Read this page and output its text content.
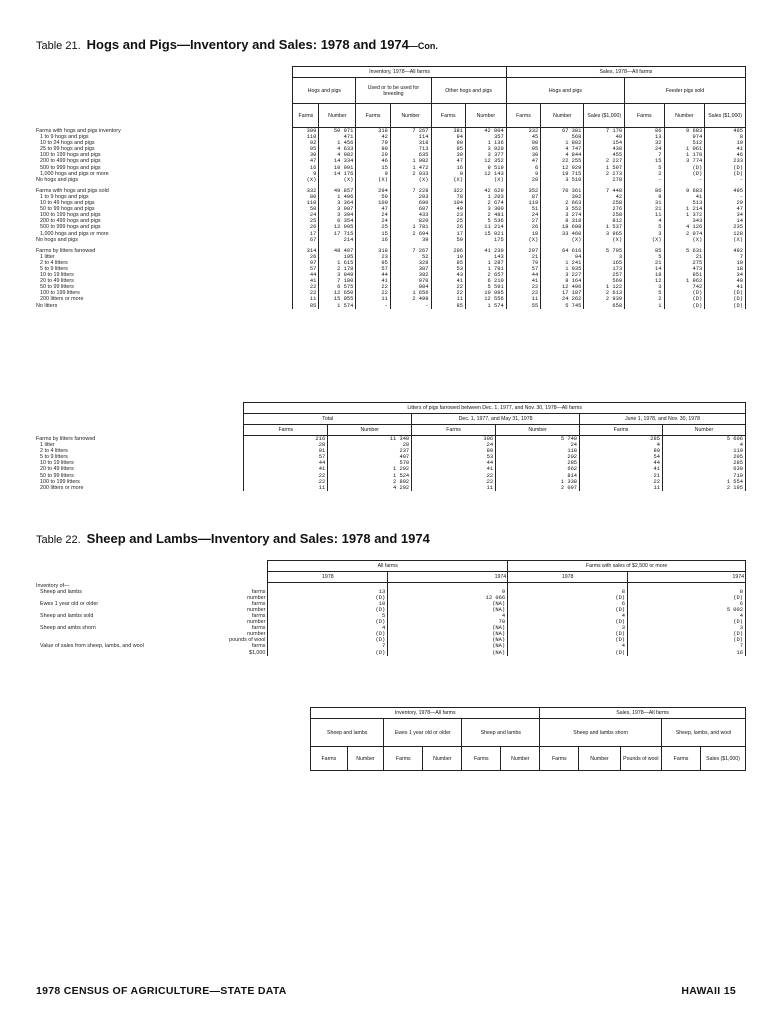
Table 21. Hogs and Pigs—Inventory and Sales: 1978 and 1974—Con.
	Inventory, 1978—All farms						Sales, 1978—All farms					
	Hogs and pigs		Used or to be used for breeding		Other hogs and pigs		Hogs and pigs			Feeder pigs sold		
	Farms	Number	Farms	Number	Farms	Number	Farms	Number	Sales ($1,000)	Farms	Number	Sales ($1,000)
Farms with hogs and pigs inventory	399	50 071	318	7 267	381	42 804	332	67 381	7 170	86	9 683	495
1 to 9 hogs and pigs	110	471	42	114	94	357	45	568	40	13	974	8
10 to 24 hogs and pigs	92	1 456	79	318	90	1 136	90	1 802	154	32	512	19
25 to 99 hogs and pigs	95	4 633	90	713	95	3 920	95	4 747	430	24	1 061	41
100 to 199 hogs and pigs	30	4 082	29	635	30	3 377	30	4 844	455	7	1 178	46
200 to 499 hogs and pigs	47	14 334	46	1 982	47	12 352	47	22 255	2 227	15	3 774	233
500 to 999 hogs and pigs	16	10 991	15	1 472	16	9 519	6	12 929	1 597	5	(D)	(D)
1,000 hogs and pigs or more	9	14 176	9	2 033	9	12 143	9	19 715	2 273	2	(D)	(D)
No hogs and pigs	(X)	(X)	(X)	(X)	(X)	(X)	20	3 510	278	-	-	-

Farms with hogs and pigs sold	332	49 857	294	7 228	322	42 629	352	70 361	7 448	86	9 683	495
1 to 9 hogs and pigs	80	1 406	59	203	78	1 203	87	392	42	9	41	-
10 to 49 hogs and pigs	110	3 364	100	690	104	2 674	119	2 663	258	31	513	29
50 to 99 hogs and pigs	50	3 907	47	607	49	3 300	51	3 552	276	21	1 214	47
100 to 199 hogs and pigs	24	3 394	24	433	23	2 481	24	3 274	258	11	1 372	34
200 to 499 hogs and pigs	25	6 354	24	820	25	5 536	27	8 318	812	4	343	14
500 to 999 hogs and pigs	26	12 995	25	1 781	26	11 214	26	18 698	1 537	5	4 126	235
1,000 hogs and pigs or more	17	17 715	15	2 694	17	15 021	18	33 460	3 965	3	2 074	128
No hogs and pigs	67	214	16	39	59	175	(X)	(X)	(X)	(X)	(X)	(X)

Farms by litters farrowed	314	48 497	318	7 267	296	41 230	297	64 616	5 795	85	5 631	492
1 litter	26	195	23	52	19	143	21	94	3	5	21	7
2 to 4 litters	97	1 615	95	328	85	1 287	79	1 241	165	21	275	10
5 to 9 litters	57	2 178	57	387	53	1 791	57	1 935	173	14	473	18
10 to 19 litters	44	3 049	44	392	43	2 657	44	3 227	257	18	851	34
20 to 49 litters	41	7 180	41	970	41	6 210	41	8 164	569	12	1 962	40
50 to 99 litters	22	6 575	22	984	22	5 591	22	12 496	1 122	3	742	41
100 to 199 litters	22	12 650	22	1 656	22	10 995	22	17 187	2 613	5	(D)	(D)
200 litters or more	11	15 055	11	2 499	11	12 556	11	24 262	2 939	2	(D)	(D)
No litters	85	1 574	-	-	85	1 574	55	5 745	658	1	(D)	(D)
	Litters of pigs farrowed between Dec. 1, 1977, and Nov. 30, 1978—All farms					
	Total		Dec. 1, 1977, and May 31, 1978		June 1, 1978, and Nov. 30, 1978	
	Farms	Number	Farms	Number	Farms	Number
Farms by litters farrowed	216	11 340	306	5 740	285	5 606
1 litter	28	28	24	24	4	4
2 to 4 litters	91	237	89	118	80	119
5 to 9 litters	57	407	53	202	54	205
10 to 19 litters	44	570	44	285	44	285
20 to 49 litters	41	1 292	41	662	41	630
50 to 99 litters	22	1 524	22	814	21	710
100 to 199 litters	22	2 892	22	1 338	22	1 554
200 litters or more	11	4 292	11	2 097	11	2 195
Table 22. Sheep and Lambs—Inventory and Sales: 1978 and 1974
		All farms		Farms with sales of $2,500 or more	
		1978	1974	1978	1974
Inventory of—					
Sheep and lambs	farms	13	9	8	8
	number	(D)	12 066	(D)	(D)
Ewes 1 year old or older	farms	10	(NA)	6	6
	number	(D)	(NA)	(D)	5 002
Sheep and lambs sold	farms	5	4	4	4
	number	(D)	70	(D)	(D)
Sheep and ambs shorn	farms	4	(NA)	3	3
	number	(D)	(NA)	(D)	(D)
	pounds of wool	(D)	(NA)	(D)	(D)
Value of sales from sheep, lambs, and wool	farms	7	(NA)	4	7
	$1,000	(D)	(NA)	(D)	16
	Inventory, 1978—All farms						Sales, 1978—All farms				
	Sheep and lambs		Ewes 1 year old or older		Sheep and lambs		Sheep and lambs shorn			Sheep, lambs, and wool	
	Farms	Number	Farms	Number	Farms	Number	Farms	Number	Pounds of wool	Farms	Sales ($1,000)
1978 CENSUS OF AGRICULTURE—STATE DATA	HAWAII 15
